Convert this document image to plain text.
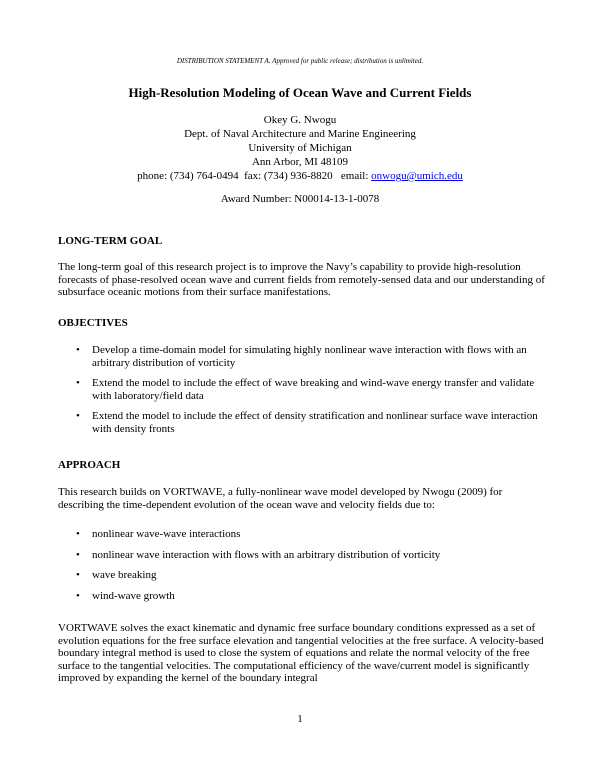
DISTRIBUTION STATEMENT A. Approved for public release; distribution is unlimited.
High-Resolution Modeling of Ocean Wave and Current Fields
Okey G. Nwogu
Dept. of Naval Architecture and Marine Engineering
University of Michigan
Ann Arbor, MI 48109
phone: (734) 764-0494  fax: (734) 936-8820   email: onwogu@umich.edu
Award Number: N00014-13-1-0078
LONG-TERM GOAL
The long-term goal of this research project is to improve the Navy’s capability to provide high-resolution forecasts of phase-resolved ocean wave and current fields from remotely-sensed data and our understanding of subsurface oceanic motions from their surface manifestations.
OBJECTIVES
• Develop a time-domain model for simulating highly nonlinear wave interaction with flows with an arbitrary distribution of vorticity
• Extend the model to include the effect of wave breaking and wind-wave energy transfer and validate with laboratory/field data
• Extend the model to include the effect of density stratification and nonlinear surface wave interaction with density fronts
APPROACH
This research builds on VORTWAVE, a fully-nonlinear wave model developed by Nwogu (2009) for describing the time-dependent evolution of the ocean wave and velocity fields due to:
• nonlinear wave-wave interactions
• nonlinear wave interaction with flows with an arbitrary distribution of vorticity
• wave breaking
• wind-wave growth
VORTWAVE solves the exact kinematic and dynamic free surface boundary conditions expressed as a set of evolution equations for the free surface elevation and tangential velocities at the free surface. A velocity-based boundary integral method is used to close the system of equations and relate the normal velocity of the free surface to the tangential velocities. The computational efficiency of the wave/current model is significantly improved by expanding the kernel of the boundary integral
1
